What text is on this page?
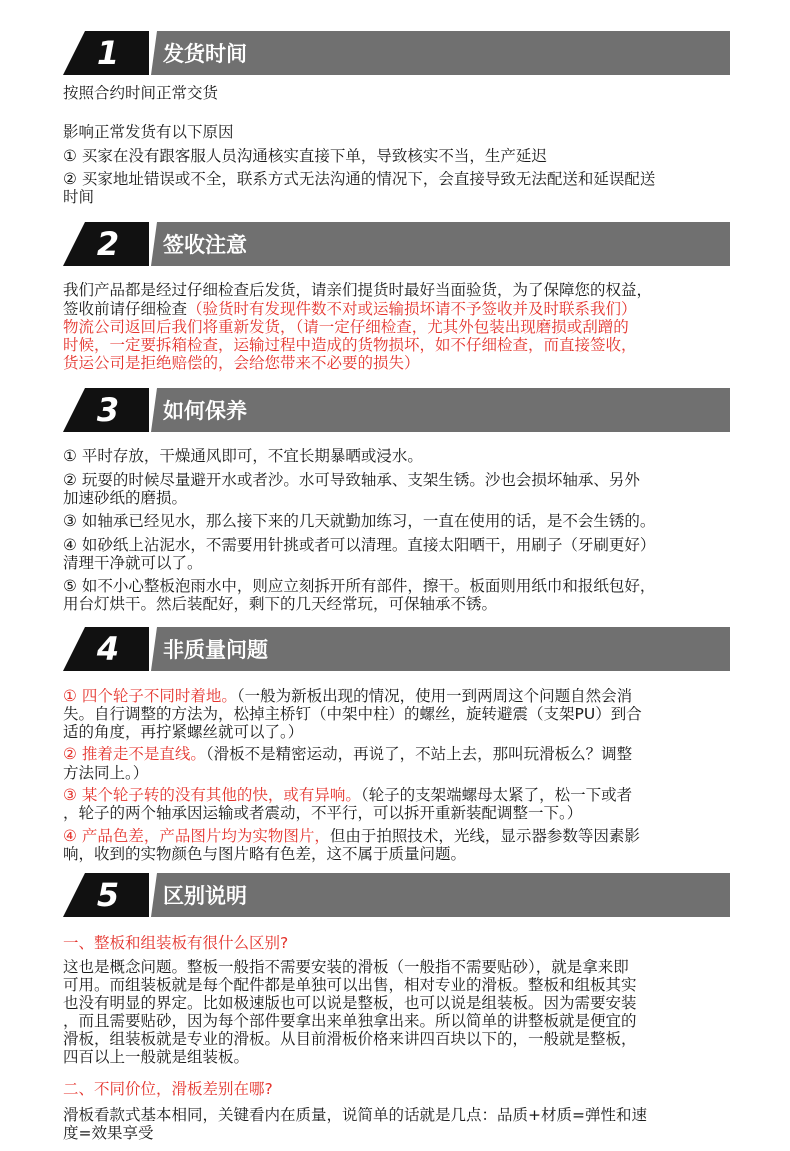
1	发货时间
按照合约时间正常交货
影响正常发货有以下原因
① 买家在没有跟客服人员沟通核实直接下单，导致核实不当，生产延迟
② 买家地址错误或不全，联系方式无法沟通的情况下，会直接导致无法配送和延误配送
时间
2	签收注意
我们产品都是经过仔细检查后发货，请亲们提货时最好当面验货，为了保障您的权益，
签收前请仔细检查（验货时有发现件数不对或运输损坏请不予签收并及时联系我们）
物流公司返回后我们将重新发货，（请一定仔细检查，尤其外包装出现磨损或刮蹭的
时候，一定要拆箱检查，运输过程中造成的货物损坏，如不仔细检查，而直接签收，
货运公司是拒绝赔偿的，会给您带来不必要的损失）
3	如何保养
① 平时存放，干燥通风即可，不宜长期暴晒或浸水。
② 玩耍的时候尽量避开水或者沙。水可导致轴承、支架生锈。沙也会损坏轴承、另外
加速砂纸的磨损。
③ 如轴承已经见水，那么接下来的几天就勤加练习，一直在使用的话，是不会生锈的。
④ 如砂纸上沾泥水，不需要用针挑或者可以清理。直接太阳晒干，用刷子（牙刷更好）
清理干净就可以了。
⑤ 如不小心整板泡雨水中，则应立刻拆开所有部件，擦干。板面则用纸巾和报纸包好，
用台灯烘干。然后装配好，剩下的几天经常玩，可保轴承不锈。
4	非质量问题
① 四个轮子不同时着地。（一般为新板出现的情况，使用一到两周这个问题自然会消
失。自行调整的方法为，松掉主桥钉（中架中柱）的螺丝，旋转避震（支架PU）到合
适的角度，再拧紧螺丝就可以了。）
② 推着走不是直线。（滑板不是精密运动，再说了，不站上去，那叫玩滑板么？调整
方法同上。）
③ 某个轮子转的没有其他的快，或有异响。（轮子的支架端螺母太紧了，松一下或者
，轮子的两个轴承因运输或者震动，不平行，可以拆开重新装配调整一下。）
④ 产品色差，产品图片均为实物图片，但由于拍照技术，光线，显示器参数等因素影
响，收到的实物颜色与图片略有色差，这不属于质量问题。
5	区别说明
一、整板和组装板有很什么区别?
这也是概念问题。整板一般指不需要安装的滑板（一般指不需要贴砂），就是拿来即
可用。而组装板就是每个配件都是单独可以出售，相对专业的滑板。整板和组板其实
也没有明显的界定。比如极速版也可以说是整板，也可以说是组装板。因为需要安装
，而且需要贴砂，因为每个部件要拿出来单独拿出来。所以简单的讲整板就是便宜的
滑板，组装板就是专业的滑板。从目前滑板价格来讲四百块以下的，一般就是整板，
四百以上一般就是组装板。
二、不同价位，滑板差别在哪?
滑板看款式基本相同，关键看内在质量，说简单的话就是几点：品质+材质=弹性和速
度=效果享受
